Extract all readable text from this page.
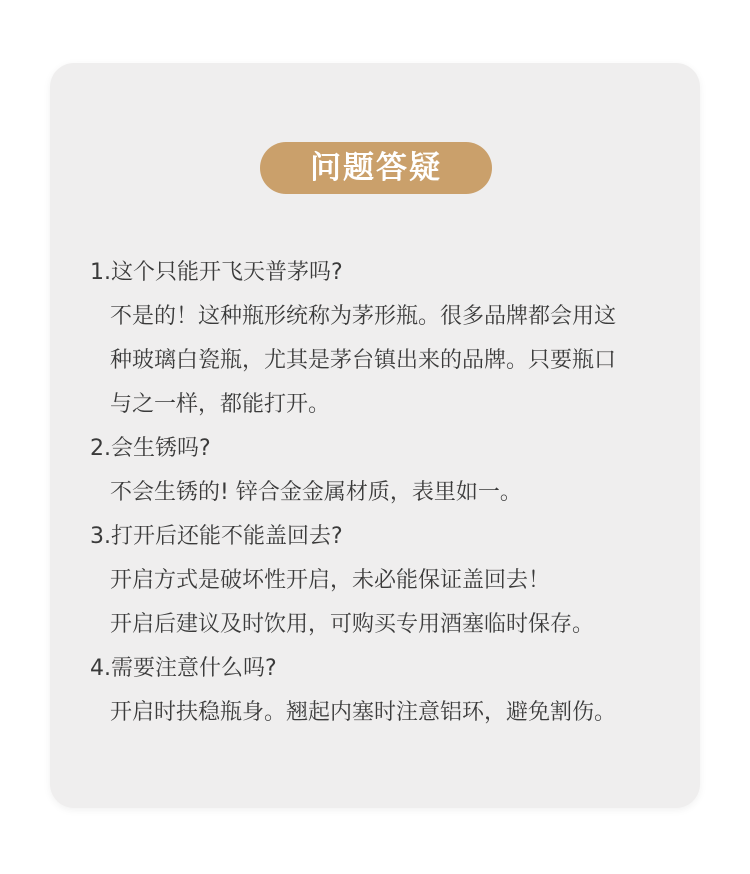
问题答疑
1.这个只能开飞天普茅吗?
不是的！这种瓶形统称为茅形瓶。很多品牌都会用这
种玻璃白瓷瓶，尤其是茅台镇出来的品牌。只要瓶口
与之一样，都能打开。
2.会生锈吗?
不会生锈的! 锌合金金属材质，表里如一。
3.打开后还能不能盖回去?
开启方式是破坏性开启，未必能保证盖回去！
开启后建议及时饮用，可购买专用酒塞临时保存。
4.需要注意什么吗?
开启时扶稳瓶身。翘起内塞时注意铝环，避免割伤。
